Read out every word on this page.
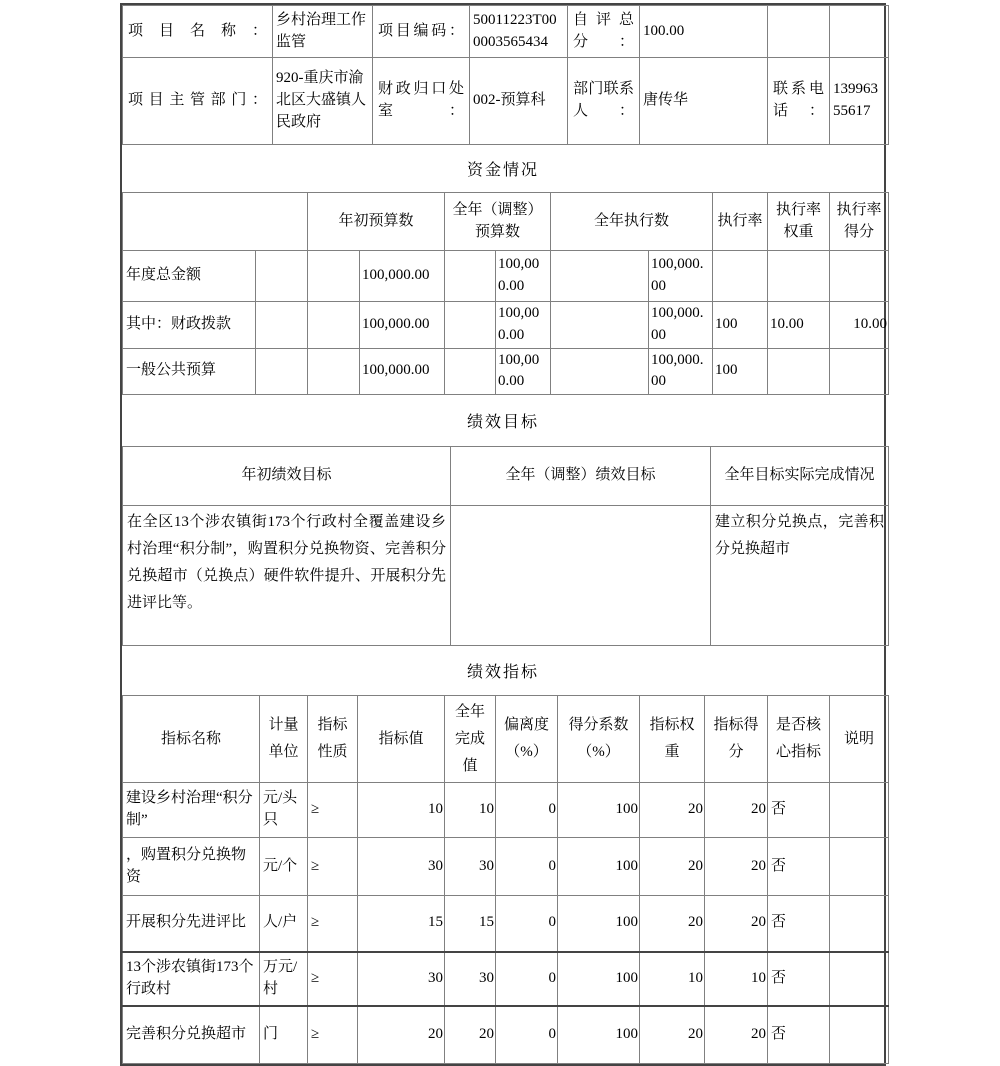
项目名称：	乡村治理工作监管	项目编码：	50011223T000003565434	自评总分：	100.00		
项目主管部门：	920-重庆市渝北区大盛镇人民政府	财政归口处室：	002-预算科	部门联系人：	唐传华	联系电话：	13996355617
资金情况
		年初预算数		全年（调整）预算数		全年执行数		执行率	执行率权重	执行率得分
年度总金额			100,000.00		100,000.00		100,000.00			
其中：财政拨款			100,000.00		100,000.00		100,000.00	100	10.00	10.00
一般公共预算			100,000.00		100,000.00		100,000.00	100		
绩效目标
年初绩效目标	全年（调整）绩效目标	全年目标实际完成情况
在全区13个涉农镇街173个行政村全覆盖建设乡村治理“积分制”，购置积分兑换物资、完善积分兑换超市（兑换点）硬件软件提升、开展积分先进评比等。		建立积分兑换点，完善积分兑换超市
绩效指标
指标名称	计量单位	指标性质	指标值	全年完成值	偏离度（%）	得分系数（%）	指标权重	指标得分	是否核心指标	说明
建设乡村治理“积分制”	元/头只	≥	10	10	0	100	20	20	否	
，购置积分兑换物资	元/个	≥	30	30	0	100	20	20	否	
开展积分先进评比	人/户	≥	15	15	0	100	20	20	否	
13个涉农镇街173个行政村	万元/村	≥	30	30	0	100	10	10	否	
完善积分兑换超市	门	≥	20	20	0	100	20	20	否	
